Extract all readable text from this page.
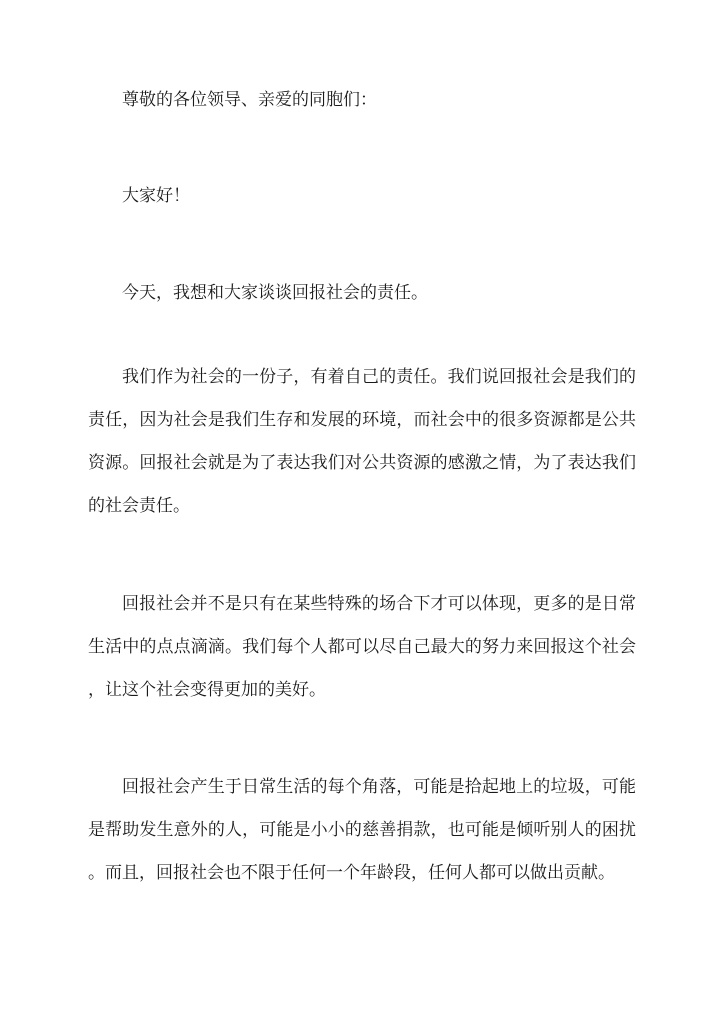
尊敬的各位领导、亲爱的同胞们：

大家好！

今天，我想和大家谈谈回报社会的责任。

我们作为社会的一份子，有着自己的责任。我们说回报社会是我们的
责任，因为社会是我们生存和发展的环境，而社会中的很多资源都是公共
资源。回报社会就是为了表达我们对公共资源的感激之情，为了表达我们
的社会责任。
回报社会并不是只有在某些特殊的场合下才可以体现，更多的是日常
生活中的点点滴滴。我们每个人都可以尽自己最大的努力来回报这个社会
，让这个社会变得更加的美好。
回报社会产生于日常生活的每个角落，可能是拾起地上的垃圾，可能
是帮助发生意外的人，可能是小小的慈善捐款，也可能是倾听别人的困扰
。而且，回报社会也不限于任何一个年龄段，任何人都可以做出贡献。
